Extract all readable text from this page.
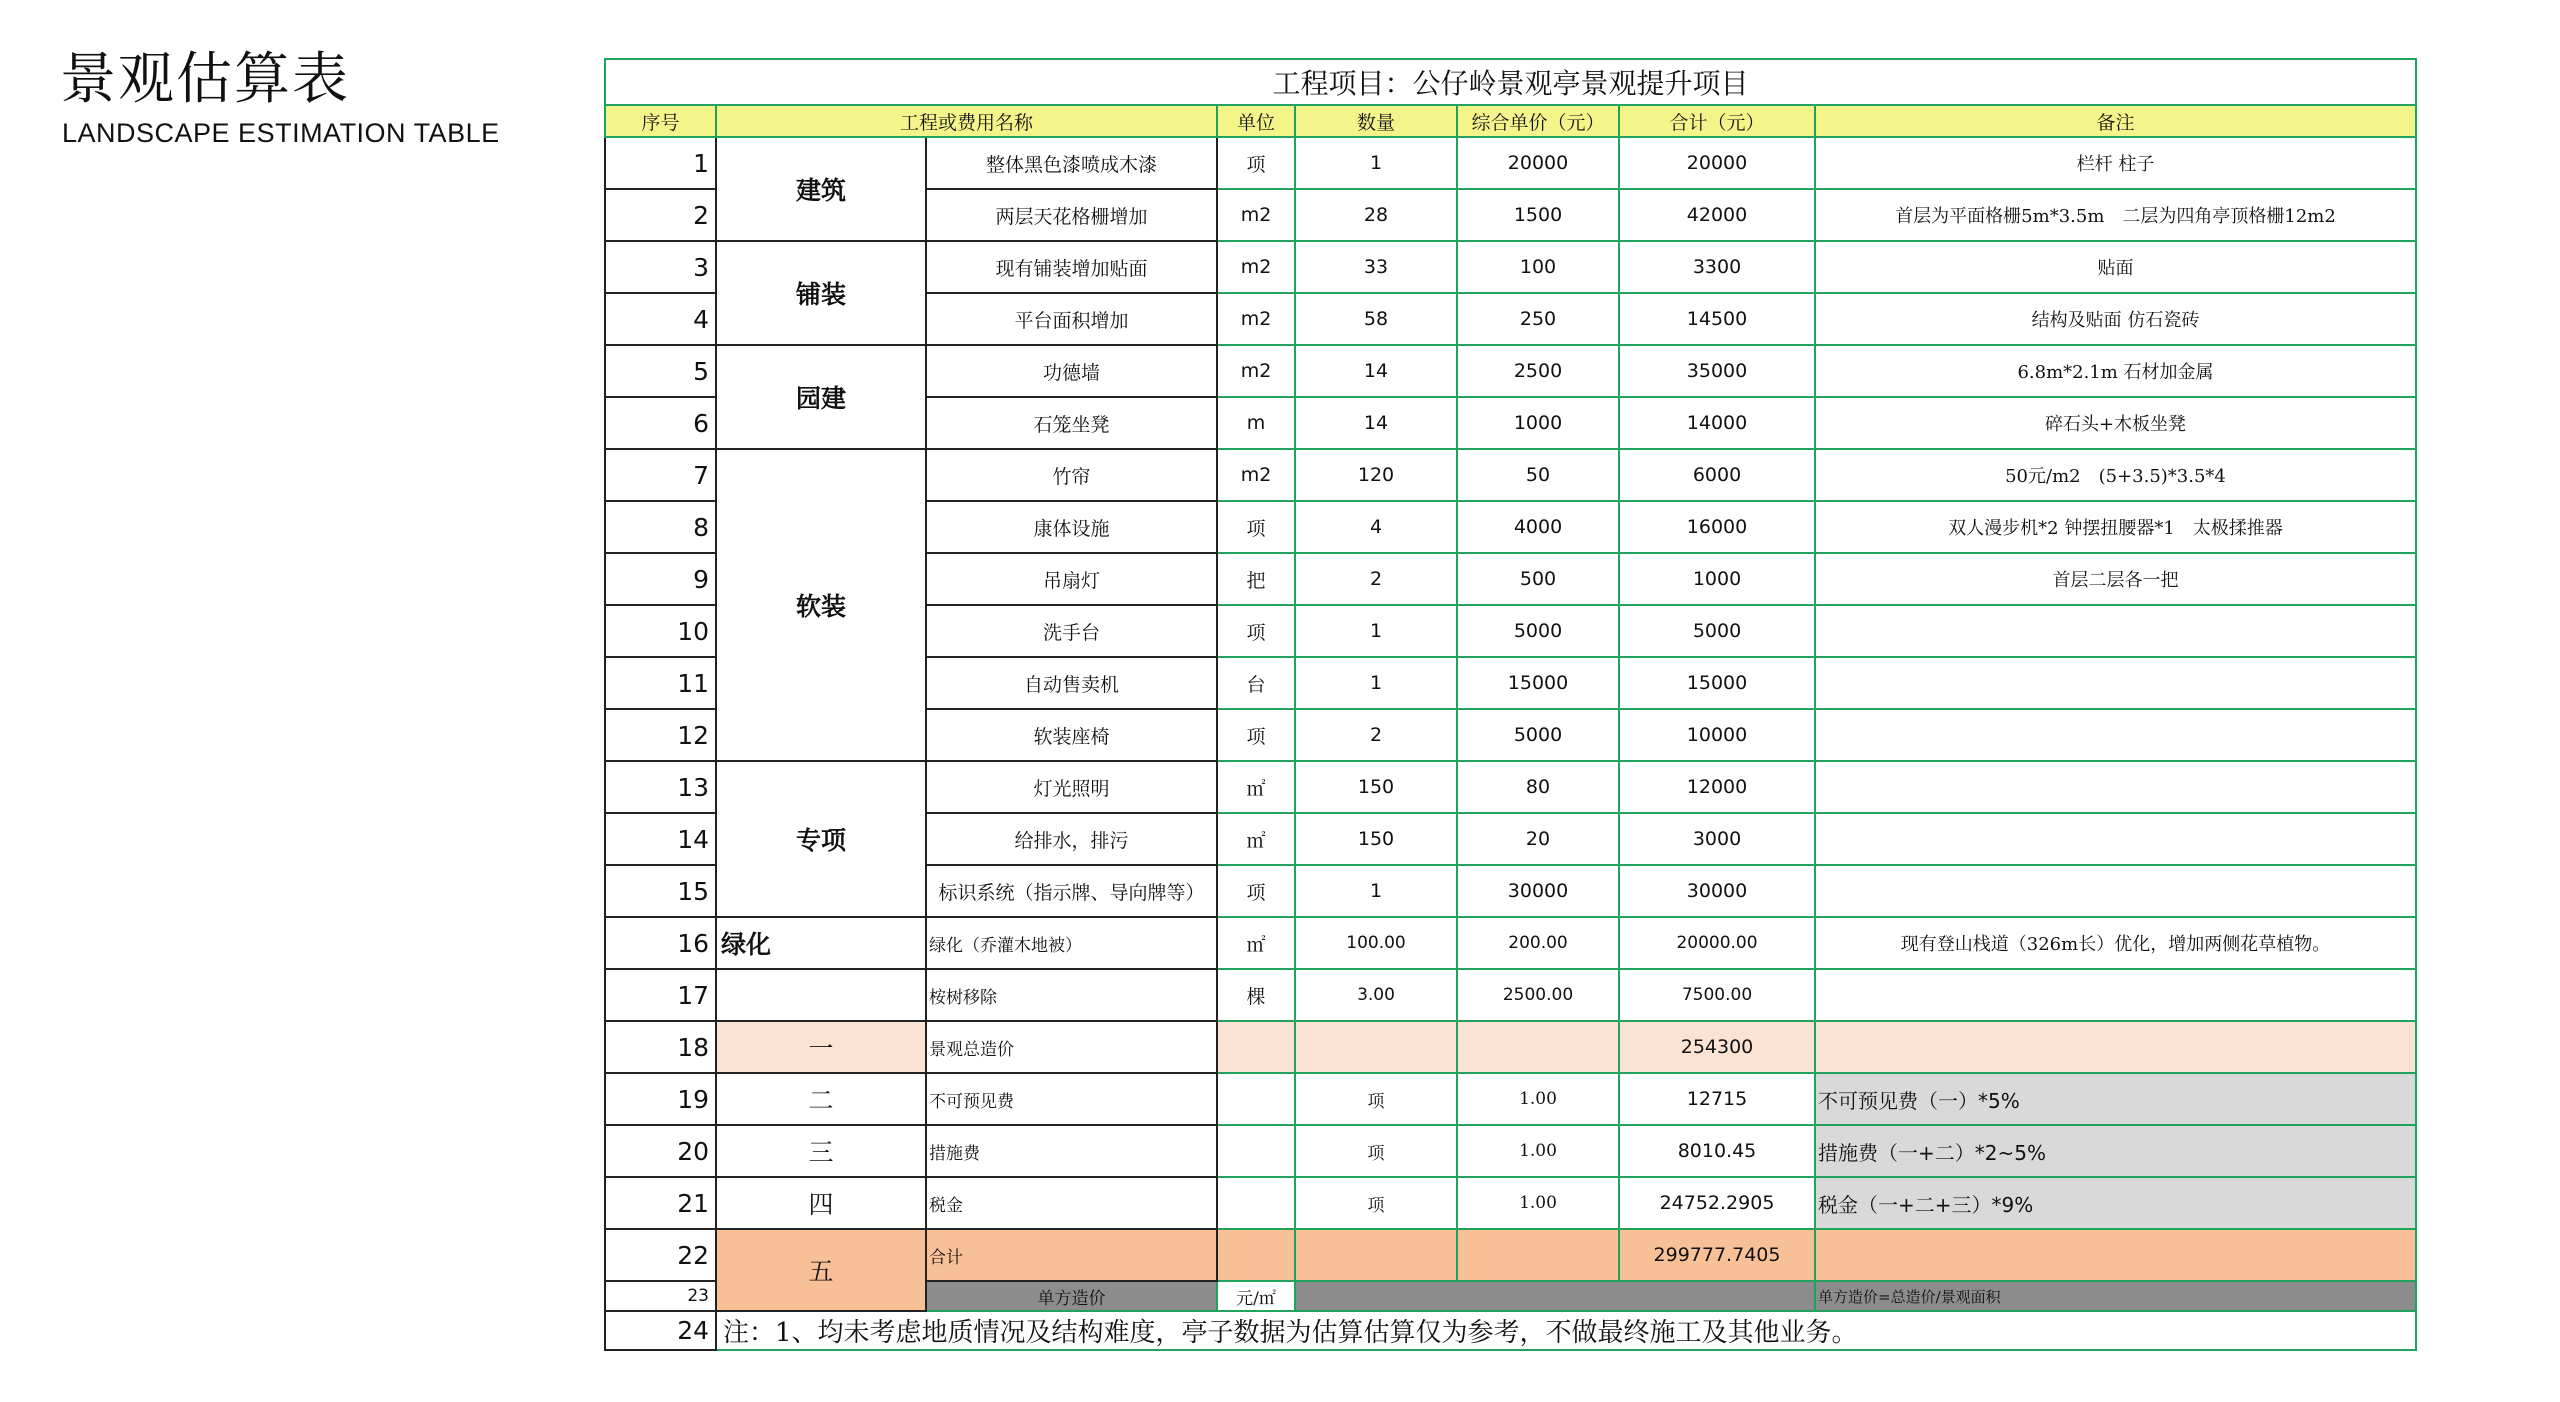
景观估算表
LANDSCAPE ESTIMATION TABLE
工程项目：公仔岭景观亭景观提升项目							
序号	工程或费用名称		单位	数量	综合单价（元）	合计（元）	备注
1	建筑	整体黑色漆喷成木漆	项	1	20000	20000	栏杆 柱子
2		两层天花格栅增加	m2	28	1500	42000	首层为平面格栅5m*3.5m　二层为四角亭顶格栅12m2
3	铺装	现有铺装增加贴面	m2	33	100	3300	贴面
4		平台面积增加	m2	58	250	14500	结构及贴面 仿石瓷砖
5	园建	功德墙	m2	14	2500	35000	6.8m*2.1m 石材加金属
6		石笼坐凳	m	14	1000	14000	碎石头+木板坐凳
7	软装	竹帘	m2	120	50	6000	50元/m2　(5+3.5)*3.5*4
8		康体设施	项	4	4000	16000	双人漫步机*2 钟摆扭腰器*1　太极揉推器
9		吊扇灯	把	2	500	1000	首层二层各一把
10		洗手台	项	1	5000	5000	
11		自动售卖机	台	1	15000	15000	
12		软装座椅	项	2	5000	10000	
13	专项	灯光照明	㎡	150	80	12000	
14		给排水，排污	㎡	150	20	3000	
15		标识系统（指示牌、导向牌等）	项	1	30000	30000	
16	绿化	绿化（乔灌木地被）	㎡	100.00	200.00	20000.00	现有登山栈道（326m长）优化，增加两侧花草植物。
17		桉树移除	棵	3.00	2500.00	7500.00	
18	一	景观总造价				254300	
19	二	不可预见费		项	1.00	12715	不可预见费（一）*5%
20	三	措施费		项	1.00	8010.45	措施费（一+二）*2~5%
21	四	税金		项	1.00	24752.2905	税金（一+二+三）*9%
22	五	合计				299777.7405	
23		单方造价	元/㎡				单方造价=总造价/景观面积
24	注：1、均未考虑地质情况及结构难度，亭子数据为估算估算仅为参考，不做最终施工及其他业务。						
